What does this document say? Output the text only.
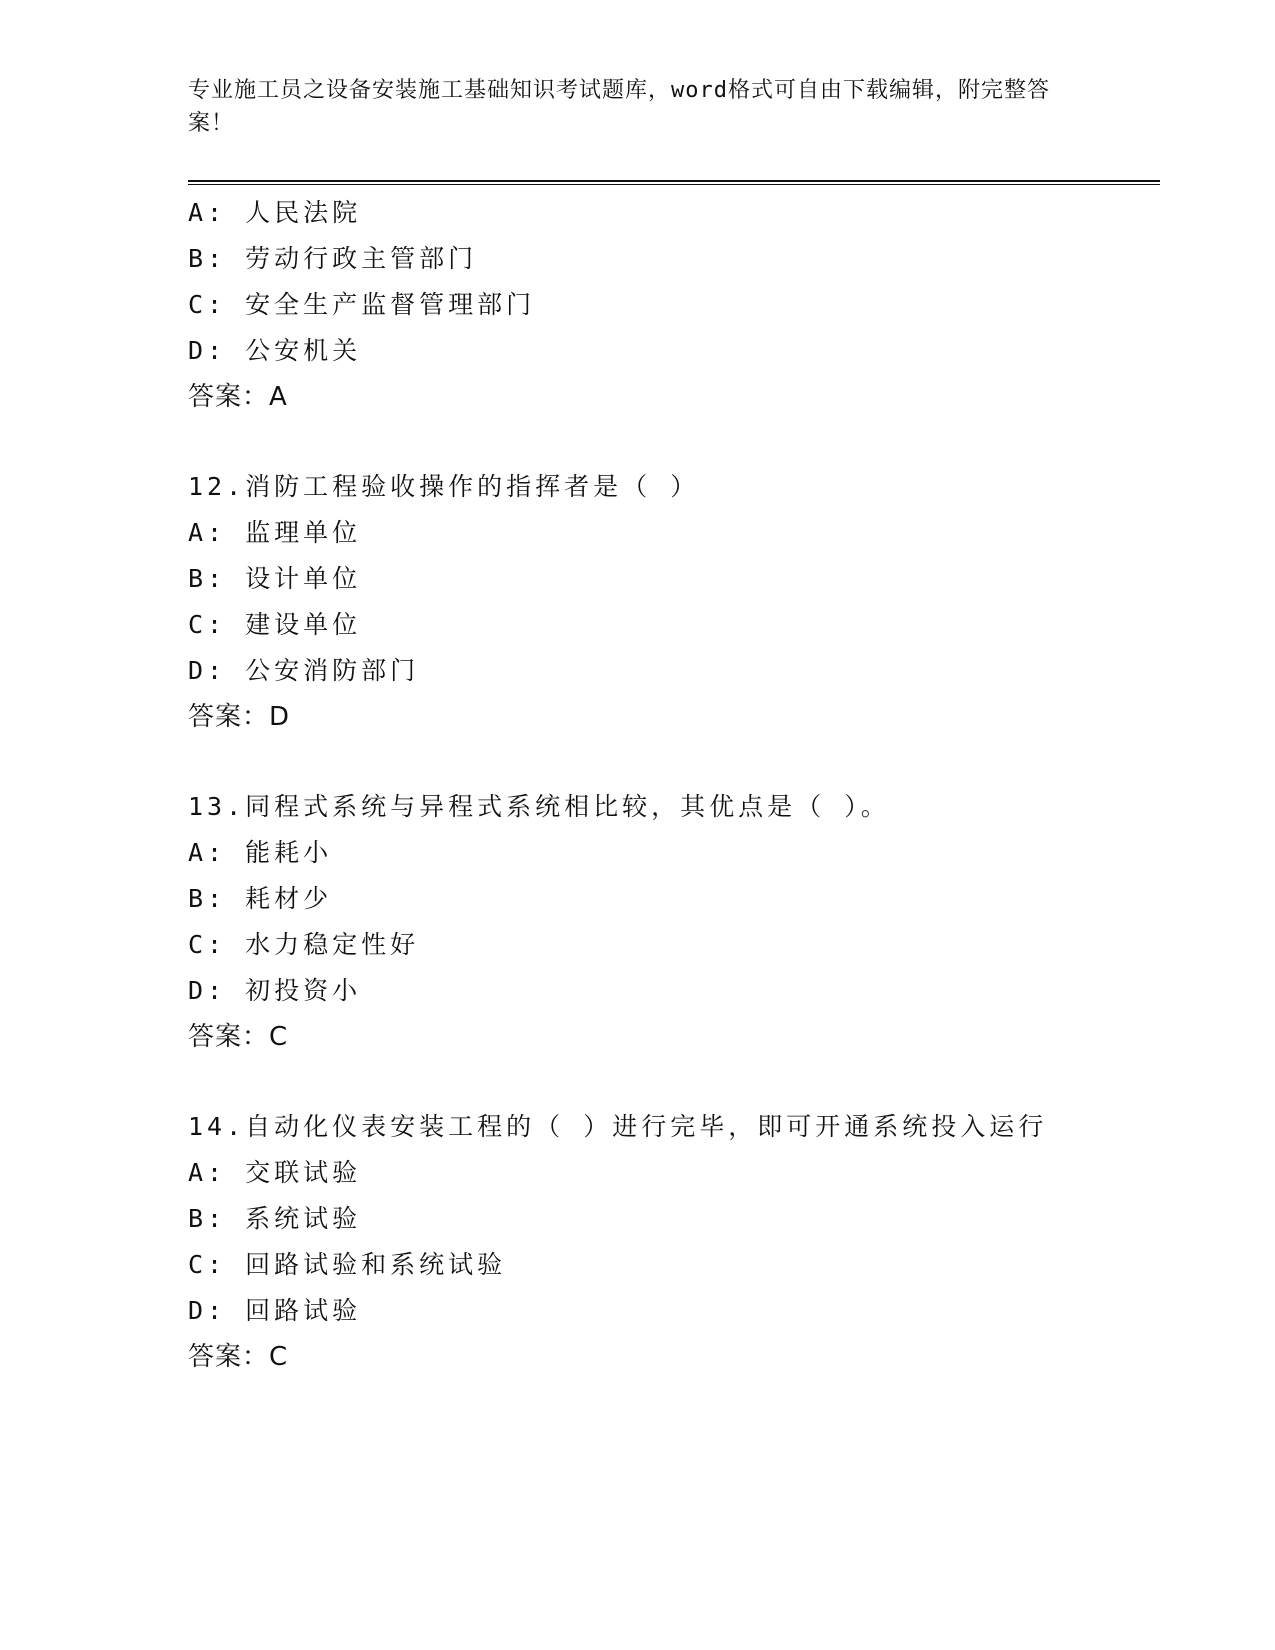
专业施工员之设备安装施工基础知识考试题库，word格式可自由下载编辑，附完整答案！
A: 人民法院
B: 劳动行政主管部门
C: 安全生产监督管理部门
D: 公安机关
答案：A
12.消防工程验收操作的指挥者是（ ）
A: 监理单位
B: 设计单位
C: 建设单位
D: 公安消防部门
答案：D
13.同程式系统与异程式系统相比较，其优点是（ ）。
A: 能耗小
B: 耗材少
C: 水力稳定性好
D: 初投资小
答案：C
14.自动化仪表安装工程的（ ）进行完毕，即可开通系统投入运行
A: 交联试验
B: 系统试验
C: 回路试验和系统试验
D: 回路试验
答案：C
